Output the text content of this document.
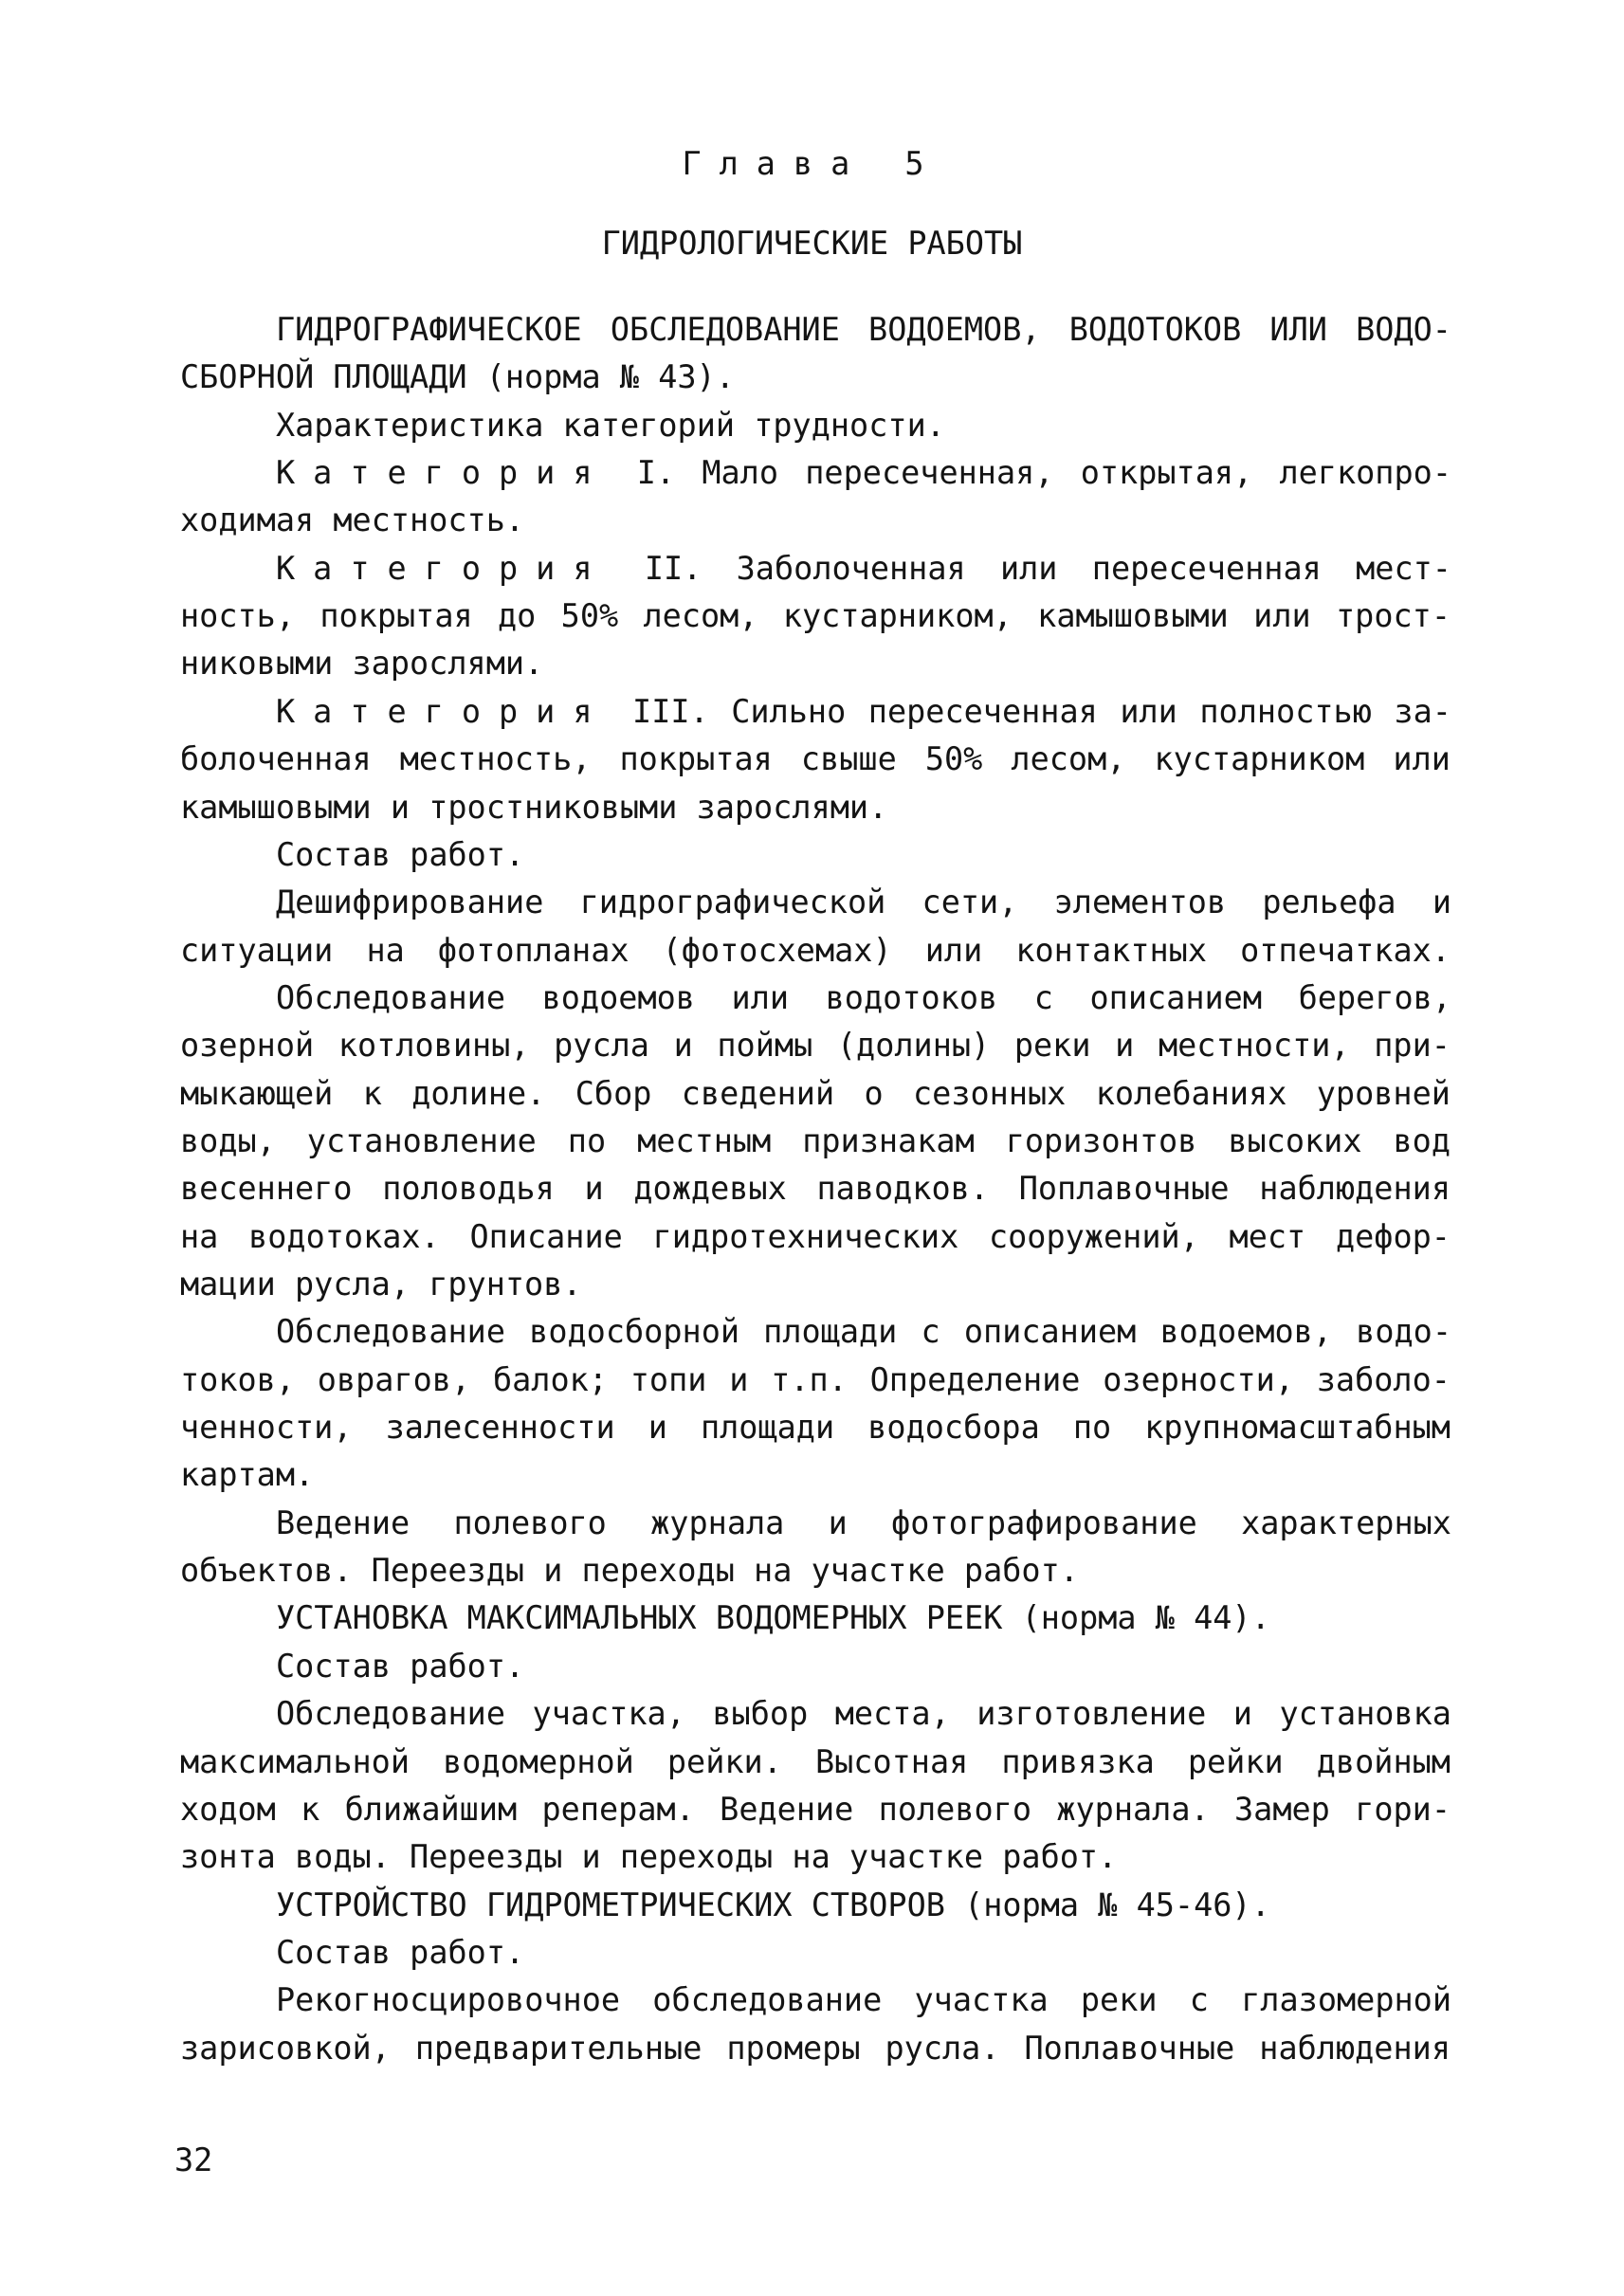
Глава 5
ГИДРОЛОГИЧЕСКИЕ РАБОТЫ
ГИДРОГРАФИЧЕСКОЕ ОБСЛЕДОВАНИЕ ВОДОЕМОВ, ВОДОТОКОВ ИЛИ ВОДО-
СБОРНОЙ ПЛОЩАДИ (норма № 43).
Характеристика категорий трудности.
Категория I. Мало пересеченная, открытая, легкопро-
ходимая местность.
Категория II. Заболоченная или пересеченная мест-
ность, покрытая до 50% лесом, кустарником, камышовыми или трост-
никовыми зарослями.
Категория III. Сильно пересеченная или полностью за-
болоченная местность, покрытая свыше 50% лесом, кустарником или
камышовыми и тростниковыми зарослями.
Состав работ.
Дешифрирование гидрографической сети, элементов рельефа и
ситуации на фотопланах (фотосхемах) или контактных отпечатках.
Обследование водоемов или водотоков с описанием берегов,
озерной котловины, русла и поймы (долины) реки и местности, при-
мыкающей к долине. Сбор сведений о сезонных колебаниях уровней
воды, установление по местным признакам горизонтов высоких вод
весеннего половодья и дождевых паводков. Поплавочные наблюдения
на водотоках. Описание гидротехнических сооружений, мест дефор-
мации русла, грунтов.
Обследование водосборной площади с описанием водоемов, водо-
токов, оврагов, балок; топи и т.п. Определение озерности, заболо-
ченности, залесенности и площади водосбора по крупномасштабным
картам.
Ведение полевого журнала и фотографирование характерных
объектов. Переезды и переходы на участке работ.
УСТАНОВКА МАКСИМАЛЬНЫХ ВОДОМЕРНЫХ РЕЕК (норма № 44).
Состав работ.
Обследование участка, выбор места, изготовление и установка
максимальной водомерной рейки. Высотная привязка рейки двойным
ходом к ближайшим реперам. Ведение полевого журнала. Замер гори-
зонта воды. Переезды и переходы на участке работ.
УСТРОЙСТВО ГИДРОМЕТРИЧЕСКИХ СТВОРОВ (норма № 45-46).
Состав работ.
Рекогносцировочное обследование участка реки с глазомерной
зарисовкой, предварительные промеры русла. Поплавочные наблюдения
32
